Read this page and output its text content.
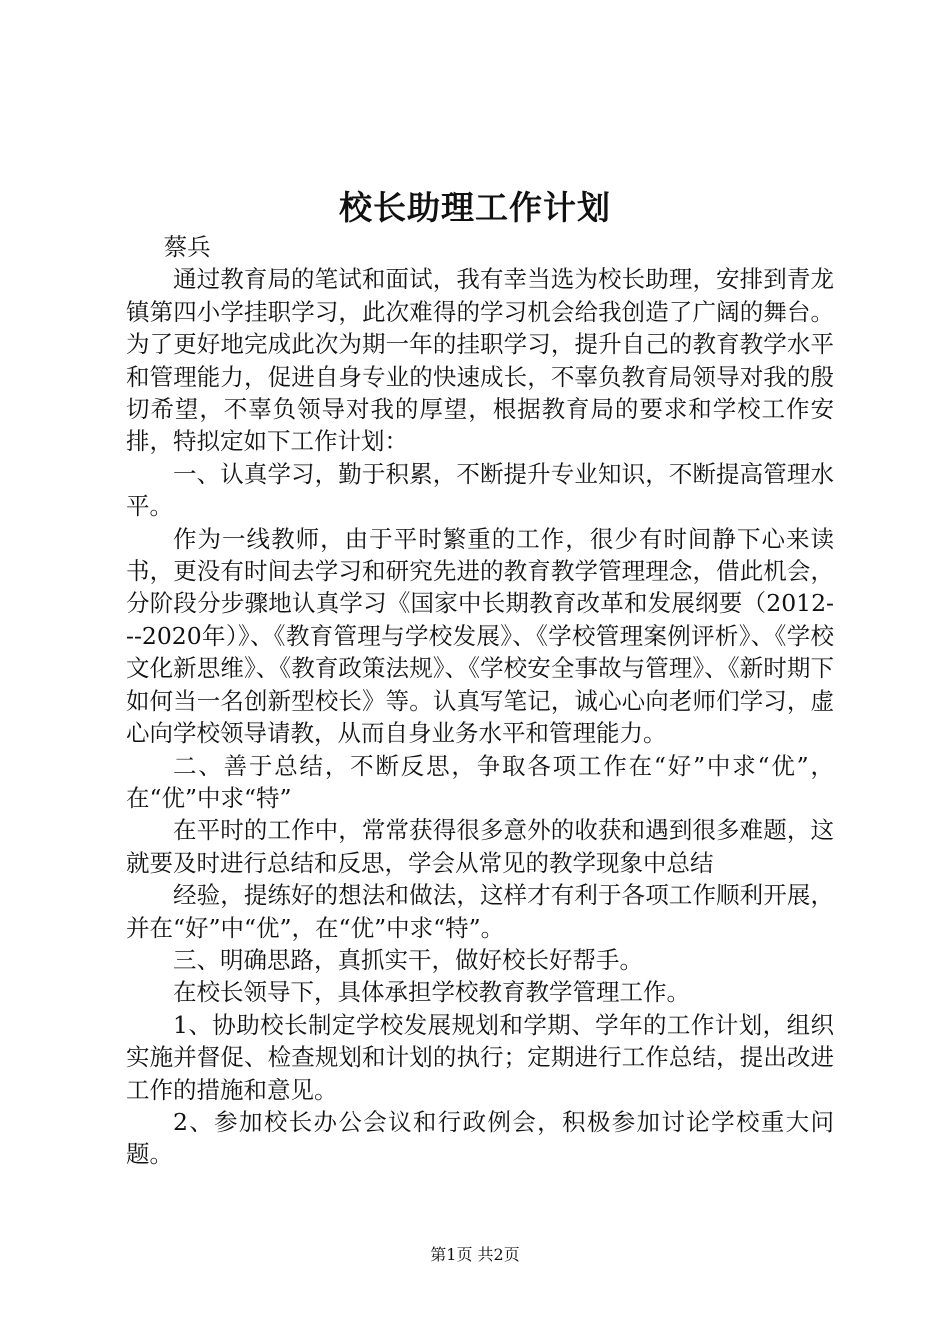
校长助理工作计划

蔡兵

通过教育局的笔试和面试，我有幸当选为校长助理，安排到青龙镇第四小学挂职学习，此次难得的学习机会给我创造了广阔的舞台。为了更好地完成此次为期一年的挂职学习，提升自己的教育教学水平和管理能力，促进自身专业的快速成长，不辜负教育局领导对我的殷切希望，不辜负领导对我的厚望，根据教育局的要求和学校工作安排，特拟定如下工作计划：

一、认真学习，勤于积累，不断提升专业知识，不断提高管理水平。

作为一线教师，由于平时繁重的工作，很少有时间静下心来读书，更没有时间去学习和研究先进的教育教学管理理念，借此机会，分阶段分步骤地认真学习《国家中长期教育改革和发展纲要（2012---2020年）》、《教育管理与学校发展》、《学校管理案例评析》、《学校文化新思维》、《教育政策法规》、《学校安全事故与管理》、《新时期下如何当一名创新型校长》等。认真写笔记，诚心心向老师们学习，虚心向学校领导请教，从而自身业务水平和管理能力。

二、善于总结，不断反思，争取各项工作在“好”中求“优”，在“优”中求“特”

在平时的工作中，常常获得很多意外的收获和遇到很多难题，这就要及时进行总结和反思，学会从常见的教学现象中总结

经验，提练好的想法和做法，这样才有利于各项工作顺利开展，并在“好”中“优”，在“优”中求“特”。

三、明确思路，真抓实干，做好校长好帮手。

在校长领导下，具体承担学校教育教学管理工作。

1、协助校长制定学校发展规划和学期、学年的工作计划，组织实施并督促、检查规划和计划的执行；定期进行工作总结，提出改进工作的措施和意见。

2、参加校长办公会议和行政例会，积极参加讨论学校重大问题。

第1页 共2页
